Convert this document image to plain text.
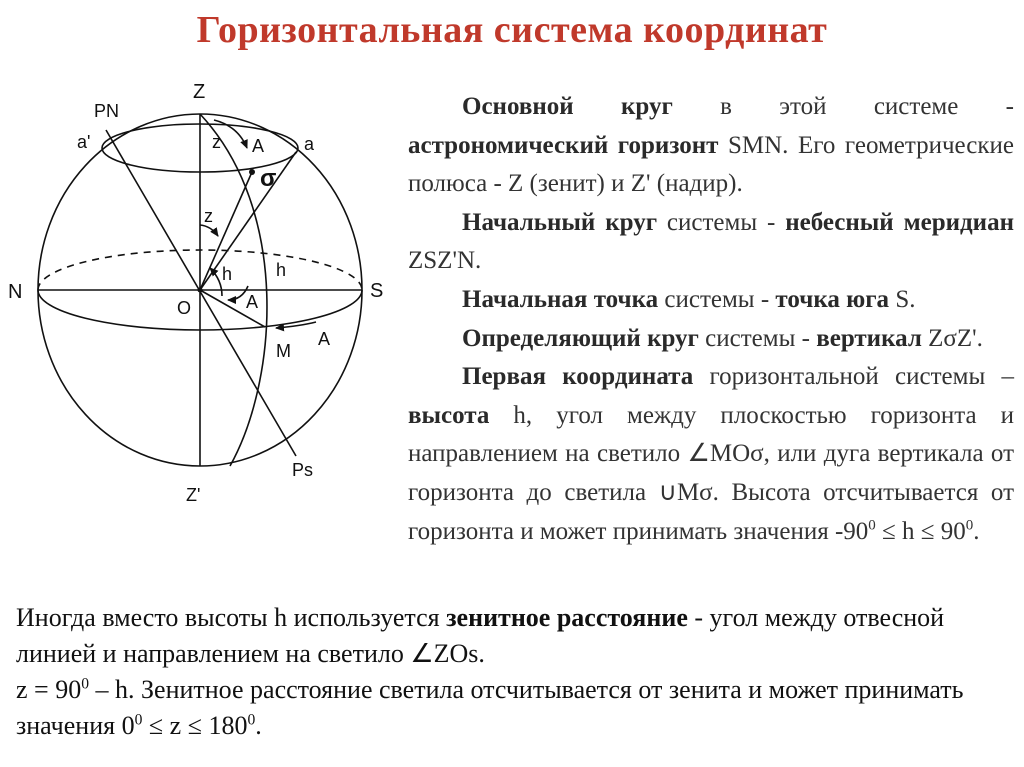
Горизонтальная система координат
Z
Z'
PN
Ps
N	S
O
M
a'	a
A
A
A
z
z
h h
σ

Основной круг в этой системе - астрономический горизонт SMN. Его геометрические полюса - Z (зенит) и Z' (надир).

Начальный круг системы - небесный меридиан ZSZ'N.

Начальная точка системы - точка юга S.

Определяющий круг системы - вертикал ZσZ'.

Первая координата горизонтальной системы – высота h, угол между плоскостью горизонта и направлением на светило ∠MOσ, или дуга вертикала от горизонта до светила ∪Mσ. Высота отсчитывается от горизонта и может принимать значения $-90^0 \le h \le 90^0$.

Иногда вместо высоты h используется зенитное расстояние - угол между отвесной линией и направлением на светило ∠ZOs.

$z = 90^0 - h$. Зенитное расстояние светила отсчитывается от зенита и может принимать значения $0^0 \le z \le 180^0$.
